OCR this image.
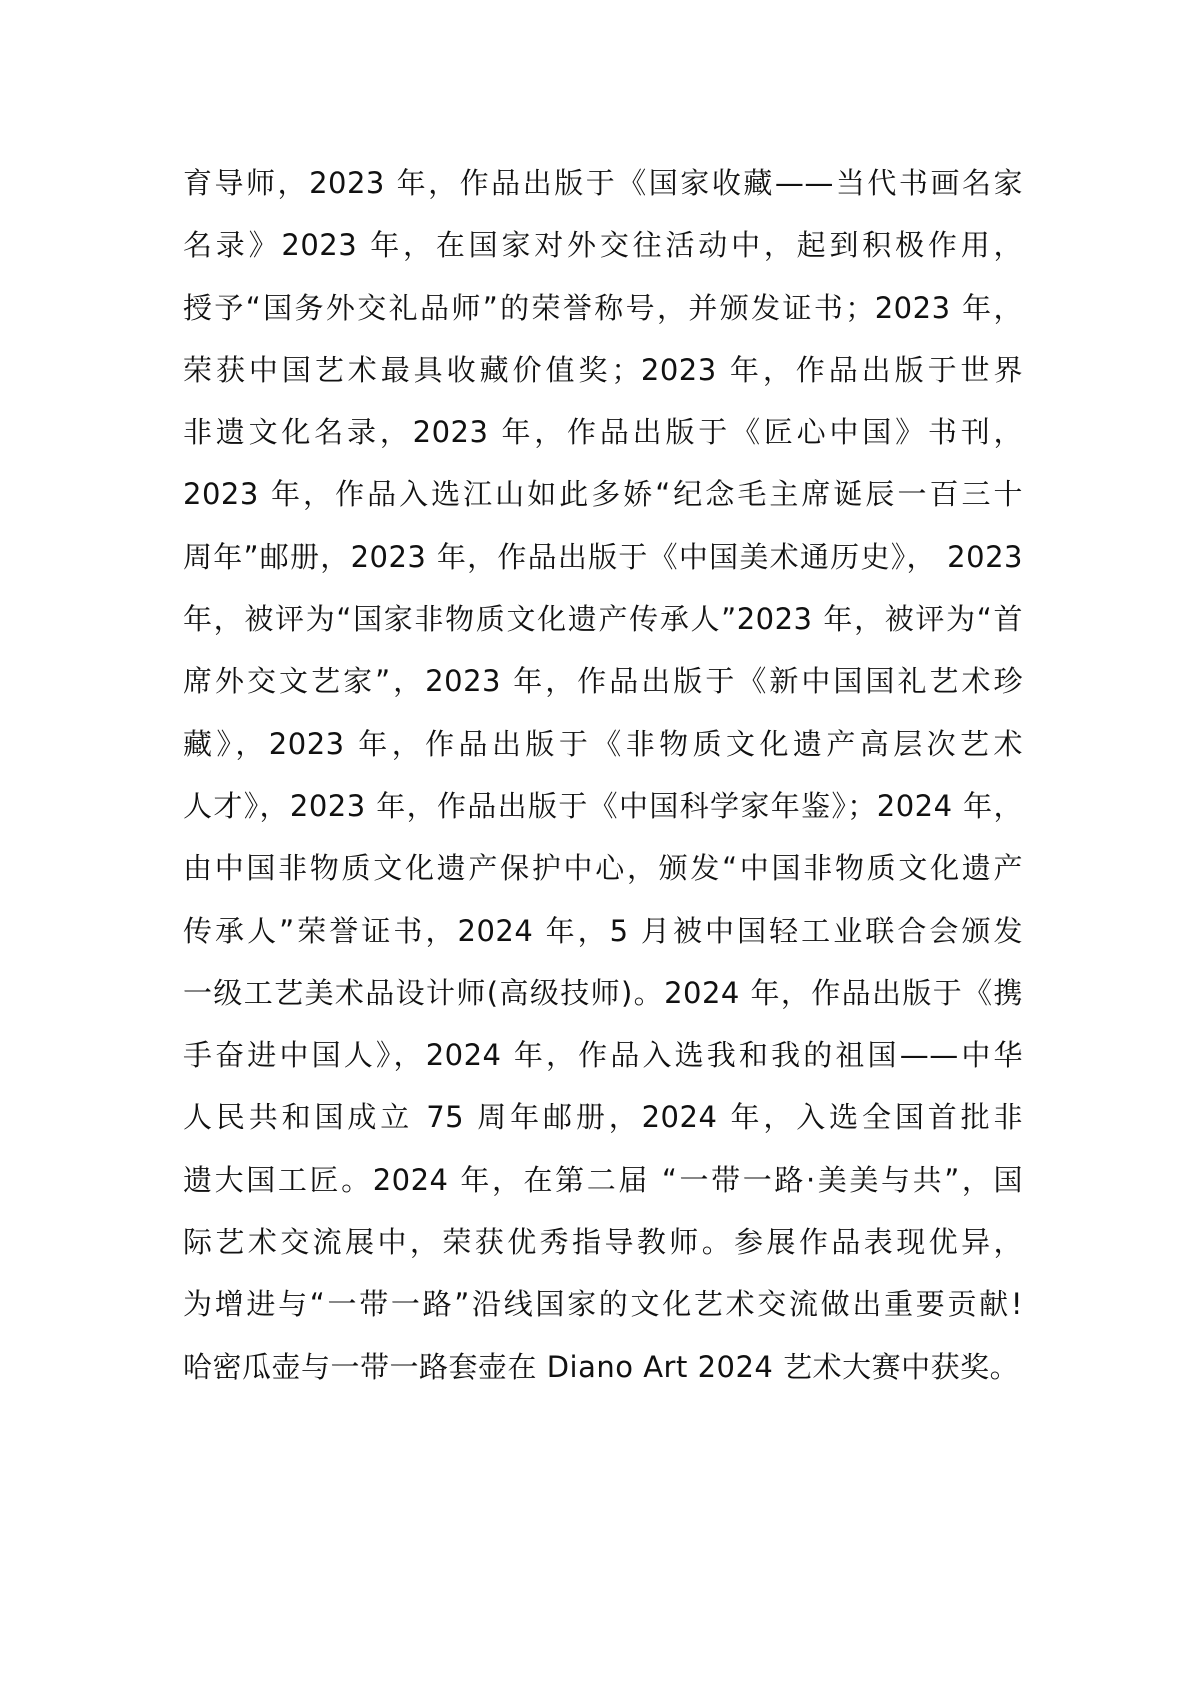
育导师，2023 年，作品出版于《国家收藏——当代书画名家
名录》2023 年，在国家对外交往活动中，起到积极作用，
授予“国务外交礼品师”的荣誉称号，并颁发证书；2023 年，
荣获中国艺术最具收藏价值奖；2023 年，作品出版于世界
非遗文化名录，2023 年，作品出版于《匠心中国》书刊，
2023 年，作品入选江山如此多娇“纪念毛主席诞辰一百三十
周年”邮册，2023 年，作品出版于《中国美术通历史》， 2023
年，被评为“国家非物质文化遗产传承人”2023 年，被评为“首
席外交文艺家”，2023 年，作品出版于《新中国国礼艺术珍
藏》，2023 年，作品出版于《非物质文化遗产高层次艺术
人才》，2023 年，作品出版于《中国科学家年鉴》；2024 年，
由中国非物质文化遗产保护中心，颁发“中国非物质文化遗产
传承人”荣誉证书，2024 年，5 月被中国轻工业联合会颁发
一级工艺美术品设计师(高级技师)。2024 年，作品出版于《携
手奋进中国人》，2024 年，作品入选我和我的祖国——中华
人民共和国成立 75 周年邮册，2024 年，入选全国首批非
遗大国工匠。2024 年，在第二届 “一带一路·美美与共”，国
际艺术交流展中，荣获优秀指导教师。参展作品表现优异，
为增进与“一带一路”沿线国家的文化艺术交流做出重要贡献!
哈密瓜壶与一带一路套壶在 Diano Art 2024 艺术大赛中获奖。
